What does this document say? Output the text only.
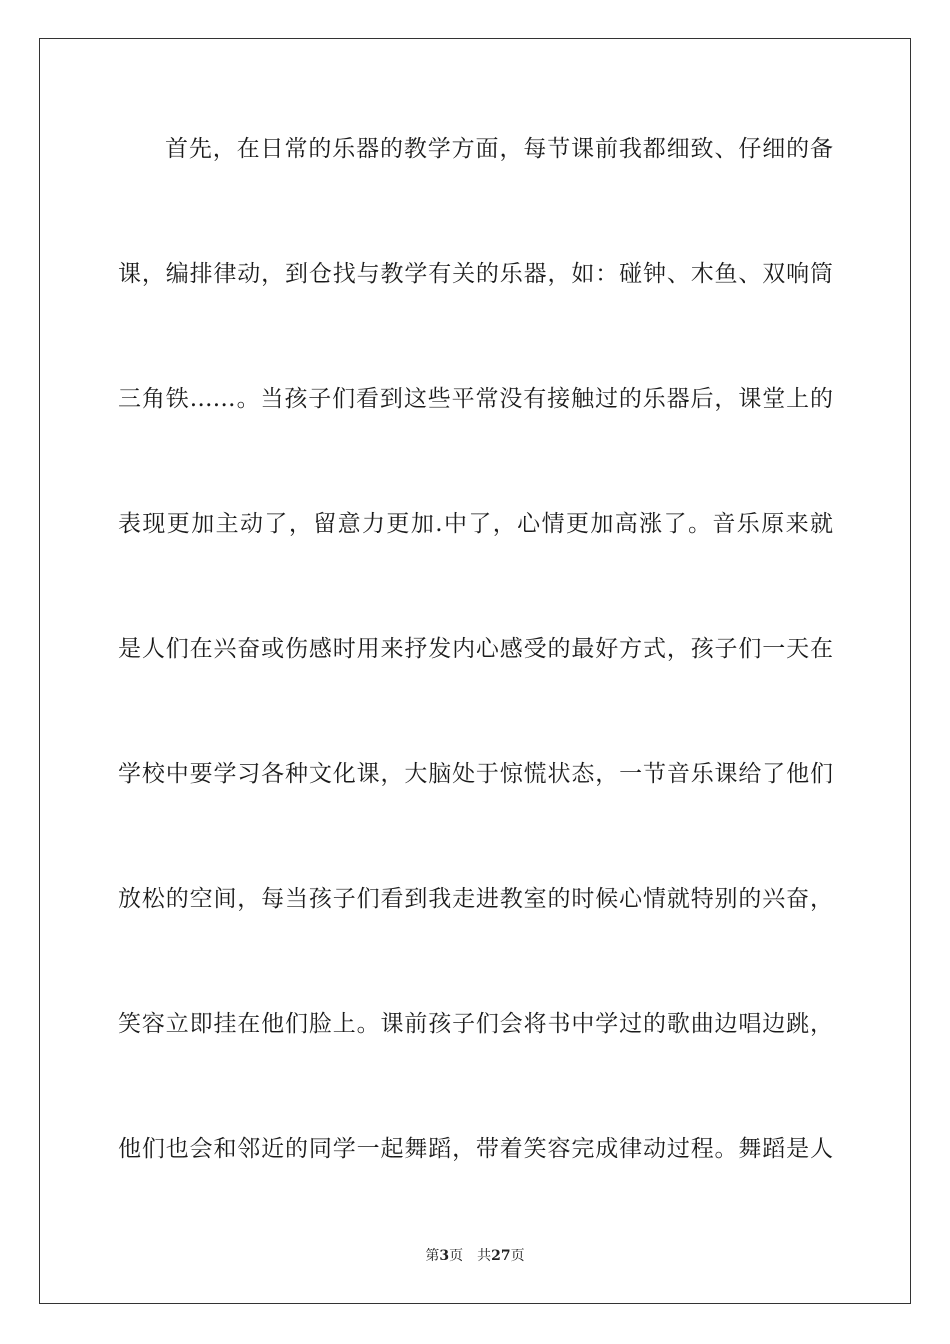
首先，在日常的乐器的教学方面，每节课前我都细致、仔细的备
课，编排律动，到仓找与教学有关的乐器，如：碰钟、木鱼、双响筒
三角铁……。当孩子们看到这些平常没有接触过的乐器后，课堂上的
表现更加主动了，留意力更加.中了，心情更加高涨了。音乐原来就
是人们在兴奋或伤感时用来抒发内心感受的最好方式，孩子们一天在
学校中要学习各种文化课，大脑处于惊慌状态，一节音乐课给了他们
放松的空间，每当孩子们看到我走进教室的时候心情就特别的兴奋，
笑容立即挂在他们脸上。课前孩子们会将书中学过的歌曲边唱边跳，
他们也会和邻近的同学一起舞蹈，带着笑容完成律动过程。舞蹈是人
第3页 共27页
